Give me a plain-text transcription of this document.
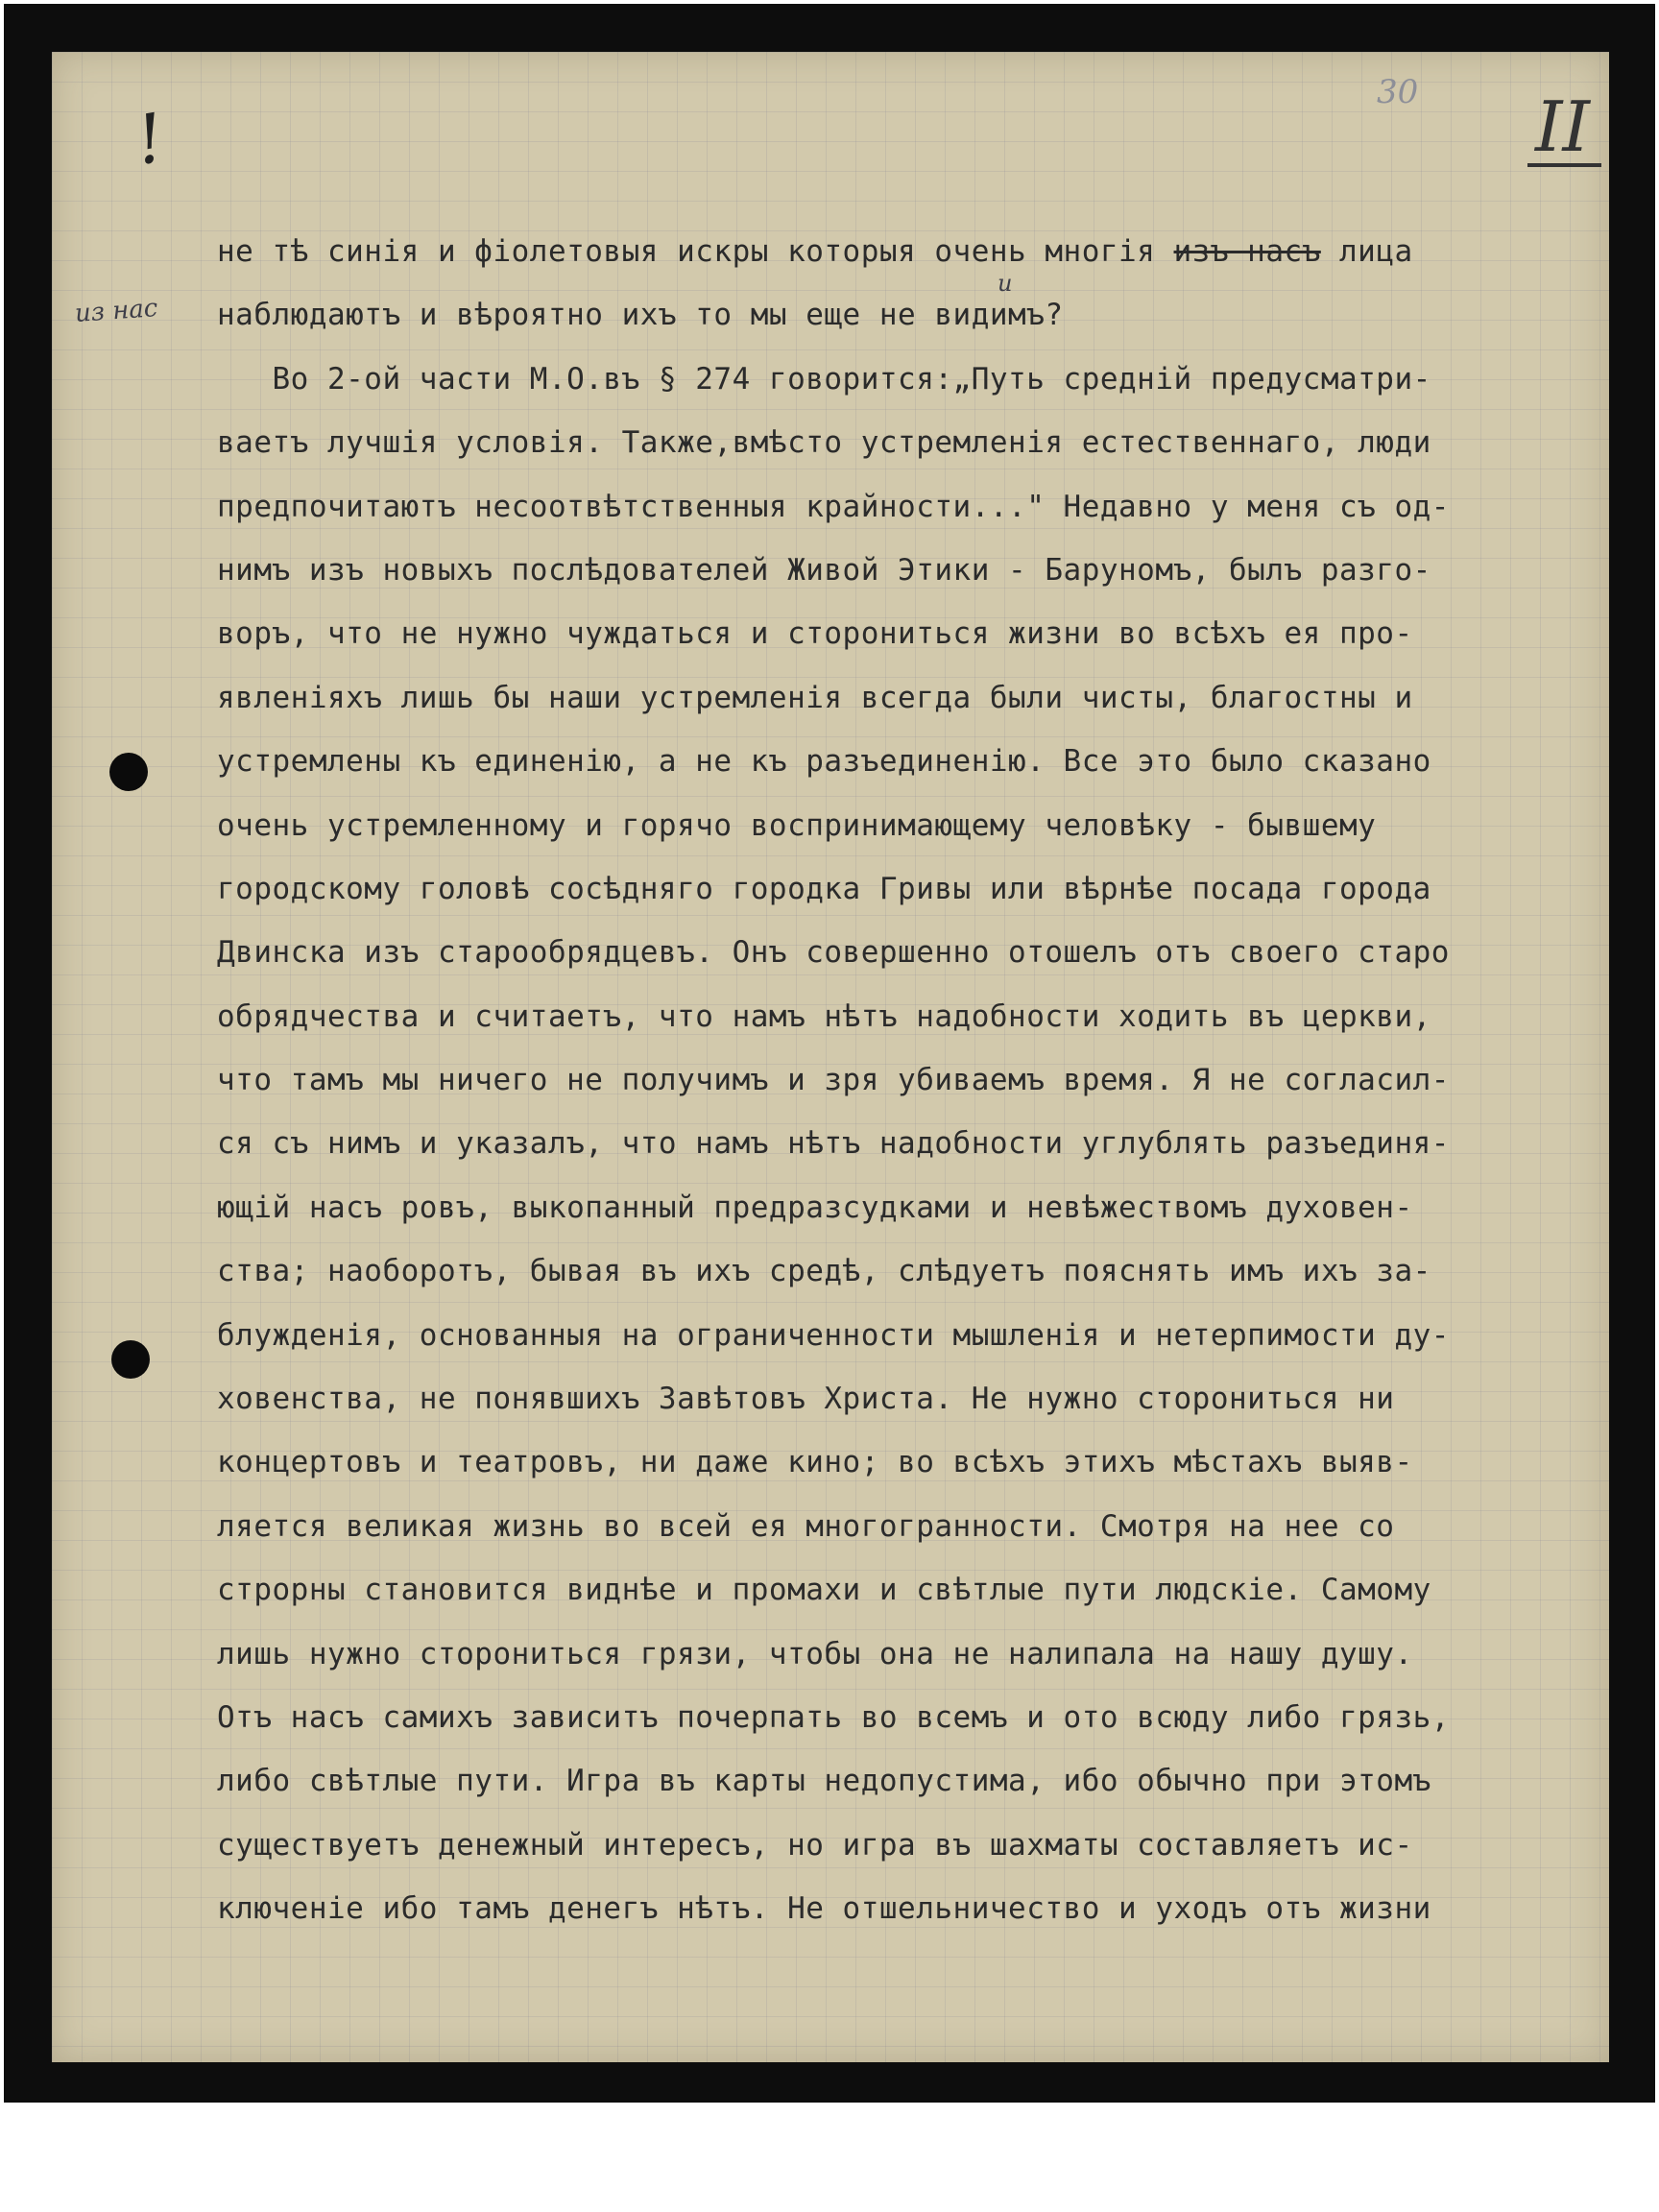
!
30 II
из нас
и
не тѣ синія и фіолетовыя искры которыя очень многія изъ насъ лица
наблюдаютъ и вѣроятно ихъ то мы еще не видимъ?
Во 2-ой части М.О.въ § 274 говорится:„Путь средній предусматри-
ваетъ лучшія условія. Также,вмѣсто устремленія естественнаго, люди
предпочитаютъ несоотвѣтственныя крайности..." Недавно у меня съ од-
нимъ изъ новыхъ послѣдователей Живой Этики - Баруномъ, былъ разго-
воръ, что не нужно чуждаться и сторониться жизни во всѣхъ ея про-
явленіяхъ лишь бы наши устремленія всегда были чисты, благостны и
устремлены къ единенію, а не къ разъединенію. Все это было сказано
очень устремленному и горячо воспринимающему человѣку - бывшему
городскому головѣ сосѣдняго городка Гривы или вѣрнѣе посада города
Двинска изъ старообрядцевъ. Онъ совершенно отошелъ отъ своего старо
обрядчества и считаетъ, что намъ нѣтъ надобности ходить въ церкви,
что тамъ мы ничего не получимъ и зря убиваемъ время. Я не согласил-
ся съ нимъ и указалъ, что намъ нѣтъ надобности углублять разъединя-
ющій насъ ровъ, выкопанный предразсудками и невѣжествомъ духовен-
ства; наоборотъ, бывая въ ихъ средѣ, слѣдуетъ пояснять имъ ихъ за-
блужденія, основанныя на ограниченности мышленія и нетерпимости ду-
ховенства, не понявшихъ Завѣтовъ Христа. Не нужно сторониться ни
концертовъ и театровъ, ни даже кино; во всѣхъ этихъ мѣстахъ выяв-
ляется великая жизнь во всей ея многогранности. Смотря на нее со
строрны становится виднѣе и промахи и свѣтлые пути людскіе. Самому
лишь нужно сторониться грязи, чтобы она не налипала на нашу душу.
Отъ насъ самихъ зависитъ почерпать во всемъ и ото всюду либо грязь,
либо свѣтлые пути. Игра въ карты недопустима, ибо обычно при этомъ
существуетъ денежный интересъ, но игра въ шахматы составляетъ ис-
ключеніе ибо тамъ денегъ нѣтъ. Не отшельничество и уходъ отъ жизни
